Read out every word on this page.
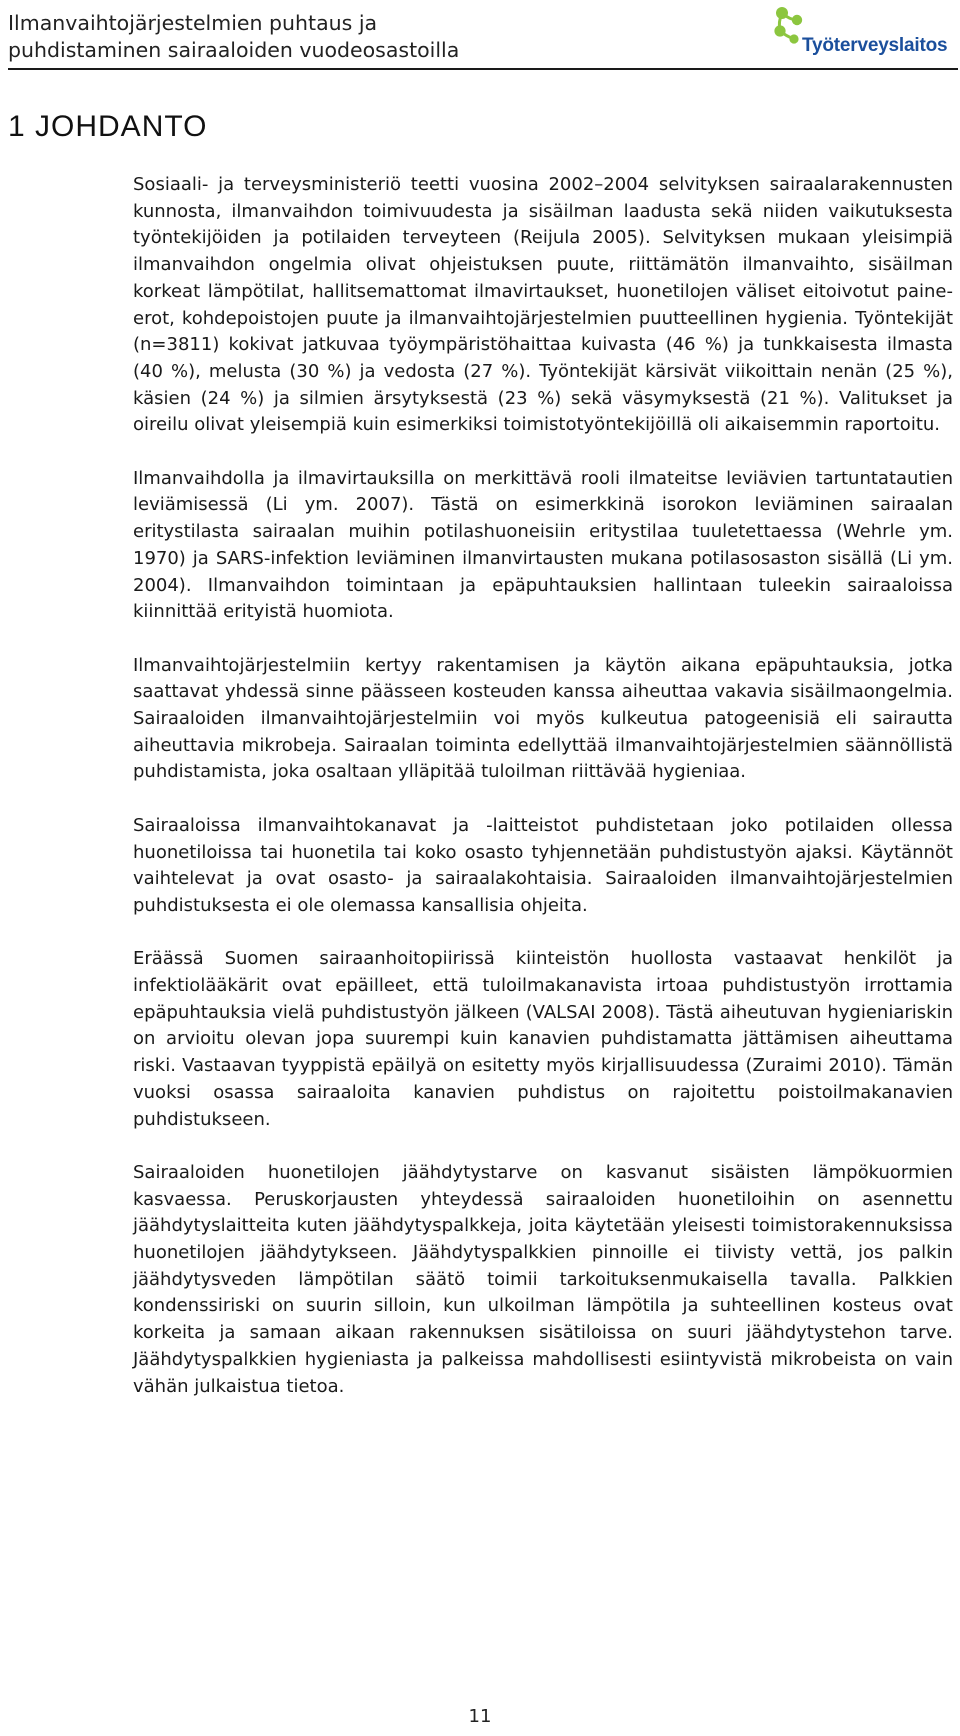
Ilmanvaihtojärjestelmien puhtaus ja
puhdistaminen sairaaloiden vuodeosastoilla	Työterveyslaitos
1 JOHDANTO

Sosiaali- ja terveysministeriö teetti vuosina 2002–2004 selvityksen sairaalarakennusten kunnosta, ilmanvaihdon toimivuudesta ja sisäilman laadusta sekä niiden vaikutuksesta työntekijöiden ja potilaiden terveyteen (Reijula 2005). Selvityksen mukaan yleisimpiä ilmanvaihdon ongelmia olivat ohjeistuksen puute, riittämätön ilmanvaihto, sisäilman korkeat lämpötilat, hallitsemattomat ilmavirtaukset, huonetilojen väliset eitoivotut paine-erot, kohdepoistojen puute ja ilmanvaihtojärjestelmien puutteellinen hygienia. Työntekijät (n=3811) kokivat jatkuvaa työympäristöhaittaa kuivasta (46 %) ja tunkkaisesta ilmasta (40 %), melusta (30 %) ja vedosta (27 %). Työntekijät kärsivät viikoittain nenän (25 %), käsien (24 %) ja silmien ärsytyksestä (23 %) sekä väsymyksestä (21 %). Valitukset ja oireilu olivat yleisempiä kuin esimerkiksi toimistotyöntekijöillä oli aikaisemmin raportoitu.

Ilmanvaihdolla ja ilmavirtauksilla on merkittävä rooli ilmateitse leviävien tartuntatautien leviämisessä (Li ym. 2007). Tästä on esimerkkinä isorokon leviäminen sairaalan eritystilasta sairaalan muihin potilashuoneisiin eritystilaa tuuletettaessa (Wehrle ym. 1970) ja SARS-infektion leviäminen ilmanvirtausten mukana potilasosaston sisällä (Li ym. 2004). Ilmanvaihdon toimintaan ja epäpuhtauksien hallintaan tuleekin sairaaloissa kiinnittää erityistä huomiota.

Ilmanvaihtojärjestelmiin kertyy rakentamisen ja käytön aikana epäpuhtauksia, jotka saattavat yhdessä sinne päässeen kosteuden kanssa aiheuttaa vakavia sisäilmaongelmia. Sairaaloiden ilmanvaihtojärjestelmiin voi myös kulkeutua patogeenisiä eli sairautta aiheuttavia mikrobeja. Sairaalan toiminta edellyttää ilmanvaihtojärjestelmien säännöllistä puhdistamista, joka osaltaan ylläpitää tuloilman riittävää hygieniaa.

Sairaaloissa ilmanvaihtokanavat ja -laitteistot puhdistetaan joko potilaiden ollessa huonetiloissa tai huonetila tai koko osasto tyhjennetään puhdistustyön ajaksi. Käytännöt vaihtelevat ja ovat osasto- ja sairaalakohtaisia. Sairaaloiden ilmanvaihtojärjestelmien puhdistuksesta ei ole olemassa kansallisia ohjeita.

Eräässä Suomen sairaanhoitopiirissä kiinteistön huollosta vastaavat henkilöt ja infektiolääkärit ovat epäilleet, että tuloilmakanavista irtoaa puhdistustyön irrottamia epäpuhtauksia vielä puhdistustyön jälkeen (VALSAI 2008). Tästä aiheutuvan hygieniariskin on arvioitu olevan jopa suurempi kuin kanavien puhdistamatta jättämisen aiheuttama riski. Vastaavan tyyppistä epäilyä on esitetty myös kirjallisuudessa (Zuraimi 2010). Tämän vuoksi osassa sairaaloita kanavien puhdistus on rajoitettu poistoilmakanavien puhdistukseen.

Sairaaloiden huonetilojen jäähdytystarve on kasvanut sisäisten lämpökuormien kasvaessa. Peruskorjausten yhteydessä sairaaloiden huonetiloihin on asennettu jäähdytyslaitteita kuten jäähdytyspalkkeja, joita käytetään yleisesti toimistorakennuksissa huonetilojen jäähdytykseen. Jäähdytyspalkkien pinnoille ei tiivisty vettä, jos palkin jäähdytysveden lämpötilan säätö toimii tarkoituksenmukaisella tavalla. Palkkien kondenssiriski on suurin silloin, kun ulkoilman lämpötila ja suhteellinen kosteus ovat korkeita ja samaan aikaan rakennuksen sisätiloissa on suuri jäähdytystehon tarve. Jäähdytyspalkkien hygieniasta ja palkeissa mahdollisesti esiintyvistä mikrobeista on vain vähän julkaistua tietoa.

11
